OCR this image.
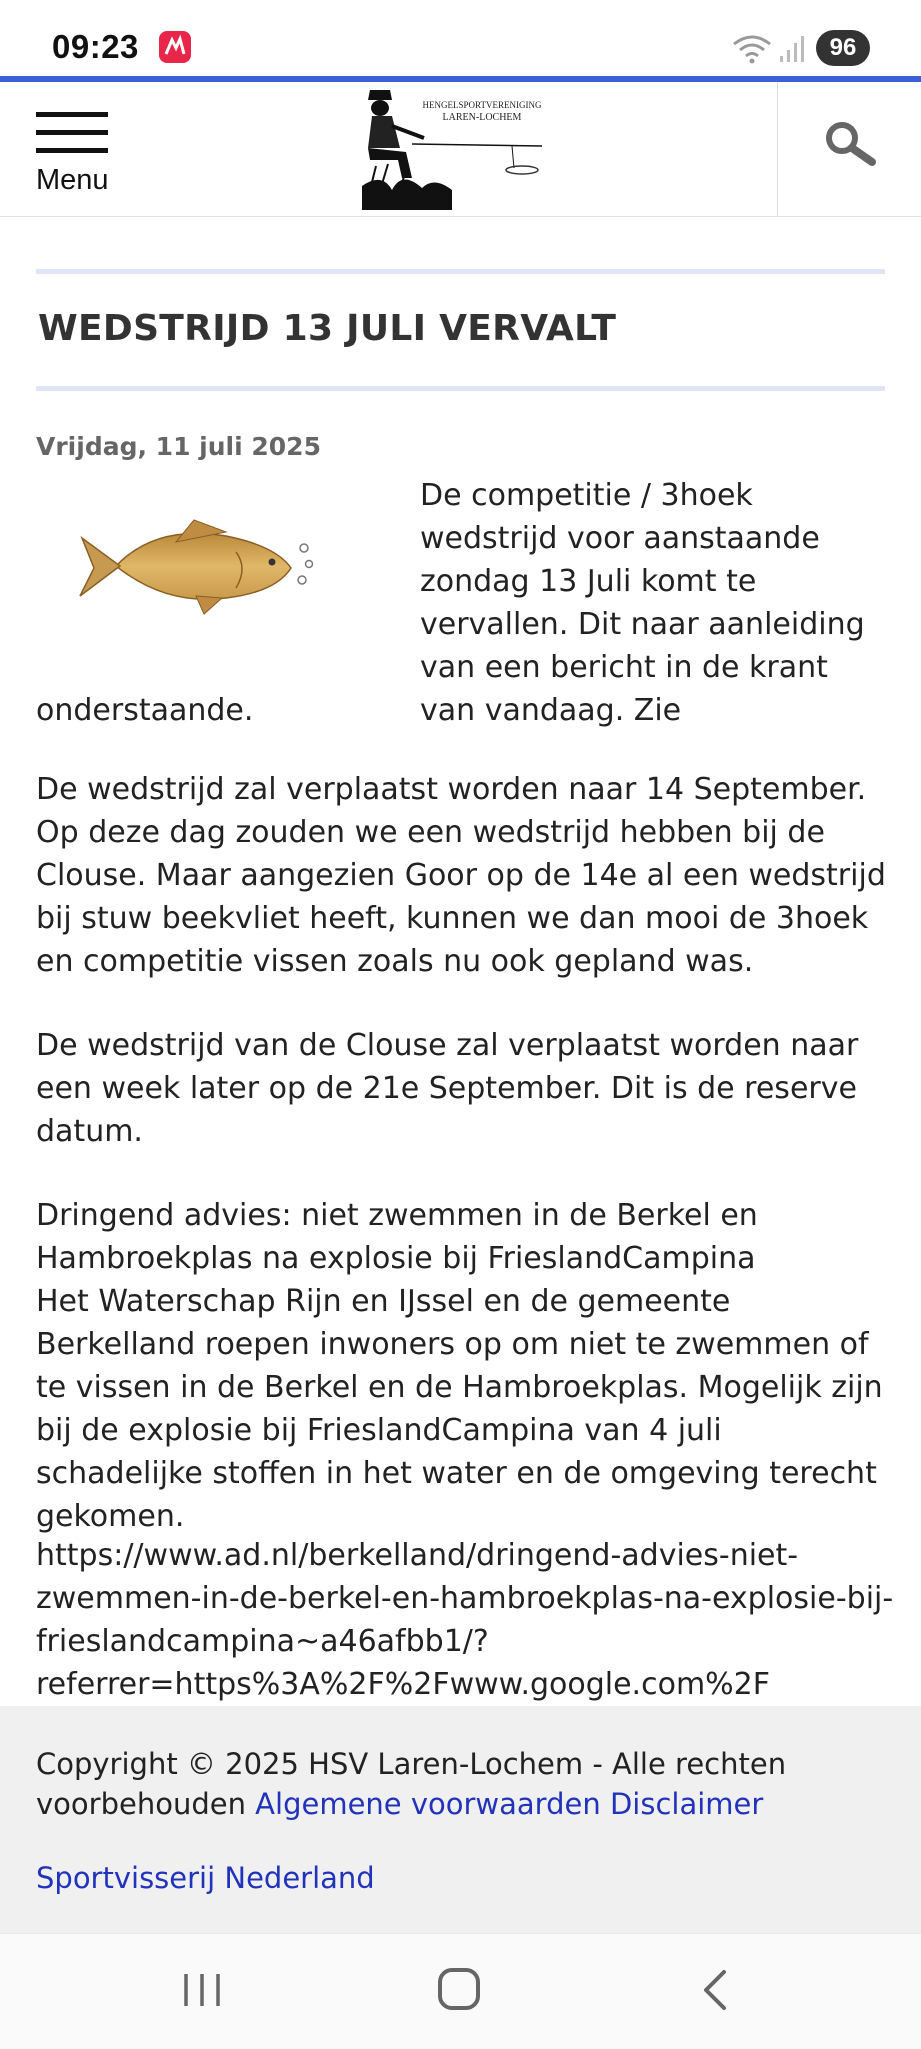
09:23	96
Menu
HENGELSPORTVERENIGING
LAREN-LOCHEM
WEDSTRIJD 13 JULI VERVALT
Vrijdag, 11 juli 2025
De competitie / 3hoek wedstrijd voor aanstaande zondag 13 Juli komt te vervallen. Dit naar aanleiding van een bericht in de krant van vandaag. Zie
onderstaande.

De wedstrijd zal verplaatst worden naar 14 September. Op deze dag zouden we een wedstrijd hebben bij de Clouse. Maar aangezien Goor op de 14e al een wedstrijd bij stuw beekvliet heeft, kunnen we dan mooi de 3hoek en competitie vissen zoals nu ook gepland was.

De wedstrijd van de Clouse zal verplaatst worden naar een week later op de 21e September. Dit is de reserve datum.

Dringend advies: niet zwemmen in de Berkel en Hambroekplas na explosie bij FrieslandCampina

Het Waterschap Rijn en IJssel en de gemeente Berkelland roepen inwoners op om niet te zwemmen of te vissen in de Berkel en de Hambroekplas. Mogelijk zijn bij de explosie bij FrieslandCampina van 4 juli schadelijke stoffen in het water en de omgeving terecht gekomen.

https://www.ad.nl/berkelland/dringend-advies-niet-
zwemmen-in-de-berkel-en-hambroekplas-na-explosie-bij-
frieslandcampina~a46afbb1/?
referrer=https%3A%2F%2Fwww.google.com%2F
Copyright © 2025 HSV Laren-Lochem - Alle rechten voorbehouden Algemene voorwaarden Disclaimer
Sportvisserij Nederland
